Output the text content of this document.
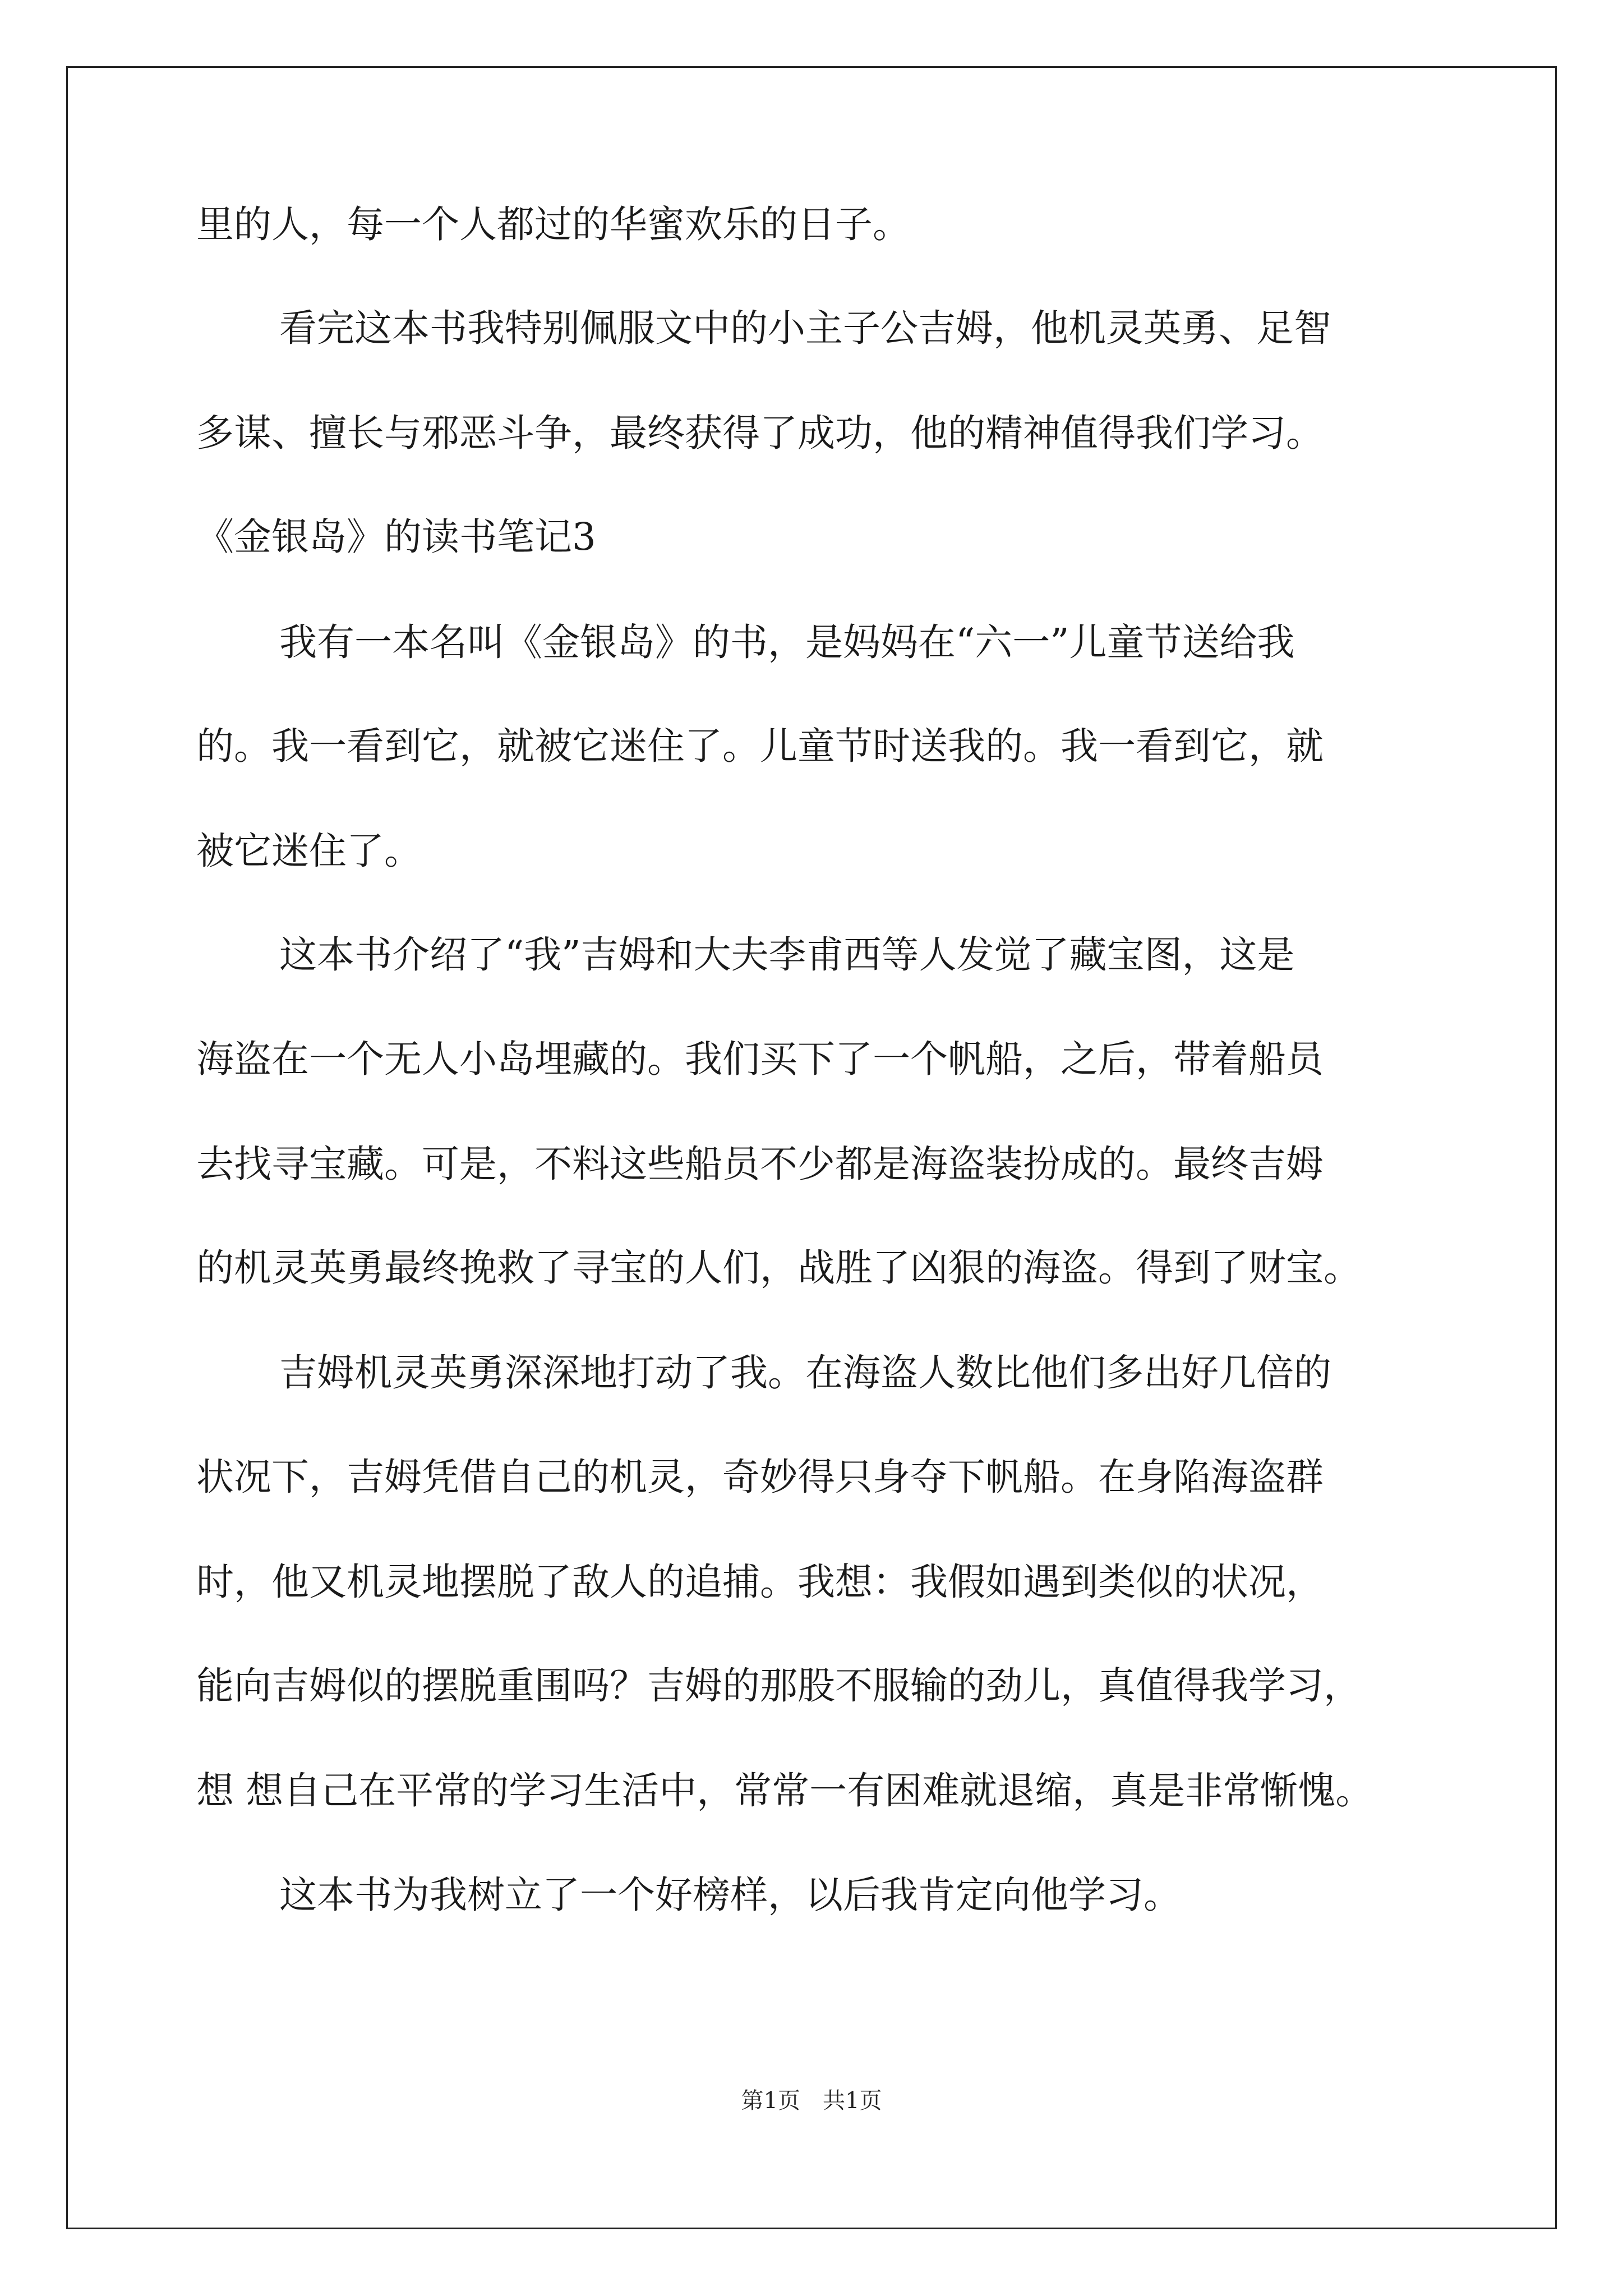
里的人，每一个人都过的华蜜欢乐的日子。
看完这本书我特别佩服文中的小主子公吉姆，他机灵英勇、足智
多谋、擅长与邪恶斗争，最终获得了成功，他的精神值得我们学习。
《金银岛》的读书笔记3
我有一本名叫《金银岛》的书，是妈妈在“六一”儿童节送给我
的。我一看到它，就被它迷住了。儿童节时送我的。我一看到它，就
被它迷住了。
这本书介绍了“我”吉姆和大夫李甫西等人发觉了藏宝图，这是
海盗在一个无人小岛埋藏的。我们买下了一个帆船，之后，带着船员
去找寻宝藏。可是，不料这些船员不少都是海盗装扮成的。最终吉姆
的机灵英勇最终挽救了寻宝的人们，战胜了凶狠的海盗。得到了财宝。
吉姆机灵英勇深深地打动了我。在海盗人数比他们多出好几倍的
状况下，吉姆凭借自己的机灵，奇妙得只身夺下帆船。在身陷海盗群
时，他又机灵地摆脱了敌人的追捕。我想：我假如遇到类似的状况，
能向吉姆似的摆脱重围吗？吉姆的那股不服输的劲儿，真值得我学习，
想 想自己在平常的学习生活中，常常一有困难就退缩，真是非常惭愧。
这本书为我树立了一个好榜样，以后我肯定向他学习。
第1页　共1页
